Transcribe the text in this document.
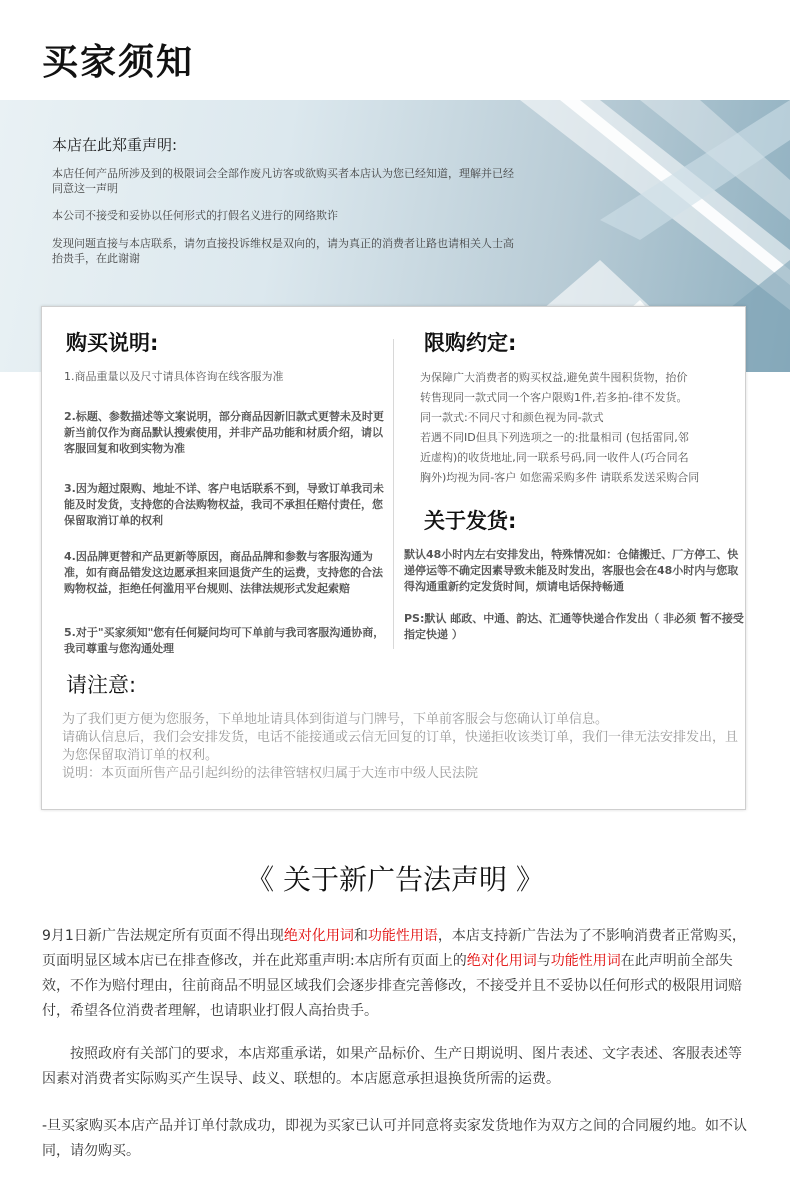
买家须知
本店在此郑重声明:
本店任何产品所涉及到的极限词会全部作废凡访客或欲购买者本店认为您已经知道，理解并已经同意这一声明
本公司不接受和妥协以任何形式的打假名义进行的网络欺诈
发现问题直接与本店联系，请勿直接投诉维权是双向的，请为真正的消费者让路也请相关人士高抬贵手，在此谢谢
购买说明:
1.商品重量以及尺寸请具体咨询在线客服为准
2.标题、参数描述等文案说明，部分商品因新旧款式更替未及时更新当前仅作为商品默认搜索使用，并非产品功能和材质介绍，请以客服回复和收到实物为准
3.因为超过限购、地址不详、客户电话联系不到，导致订单我司未能及时发货，支持您的合法购物权益，我司不承担任赔付责任，您保留取消订单的权利
4.因品牌更替和产品更新等原因，商品品牌和参数与客服沟通为准，如有商品错发这边愿承担来回退货产生的运费，支持您的合法购物权益，拒绝任何滥用平台规则、法律法规形式发起索赔
5.对于"买家须知"您有任何疑问均可下单前与我司客服沟通协商，我司尊重与您沟通处理
限购约定:
为保障广大消费者的购买权益,避免黄牛囤积货物，抬价
转售现同一款式同一个客户限购1件,若多拍-律不发货。
同一款式:不同尺寸和颜色视为同-款式
若遇不同ID但具下列选项之一的:批量相司 (包括雷同,邻
近虚构)的收货地址,同一联系号码,同一收件人(巧合同名
胸外)均视为同-客户 如您需采购多件 请联系发送采购合同
关于发货:
默认48小时内左右安排发出，特殊情况如：仓储搬迁、厂方停工、快递停运等不确定因素导致未能及时发出，客服也会在48小时内与您取得沟通重新约定发货时间，烦请电话保持畅通
PS:默认 邮政、中通、韵达、汇通等快递合作发出（ 非必须 暂不接受指定快递 ）
请注意:
为了我们更方便为您服务，下单地址请具体到街道与门牌号，下单前客服会与您确认订单信息。
请确认信息后，我们会安排发货，电话不能接通或云信无回复的订单，快递拒收该类订单，我们一律无法安排发出，且为您保留取消订单的权利。
说明：本页面所售产品引起纠纷的法律管辖权归属于大连市中级人民法院
《 关于新广告法声明 》
9月1日新广告法规定所有页面不得出现绝对化用词和功能性用语，本店支持新广告法为了不影响消费者正常购买，页面明显区域本店已在排查修改，并在此郑重声明:本店所有页面上的绝对化用词与功能性用词在此声明前全部失效，不作为赔付理由，往前商品不明显区域我们会逐步排查完善修改，不接受并且不妥协以任何形式的极限用词赔付，希望各位消费者理解，也请职业打假人高抬贵手。
按照政府有关部门的要求，本店郑重承诺，如果产品标价、生产日期说明、图片表述、文字表述、客服表述等因素对消费者实际购买产生误导、歧义、联想的。本店愿意承担退换货所需的运费。
-旦买家购买本店产品并订单付款成功，即视为买家已认可并同意将卖家发货地作为双方之间的合同履约地。如不认同，请勿购买。
